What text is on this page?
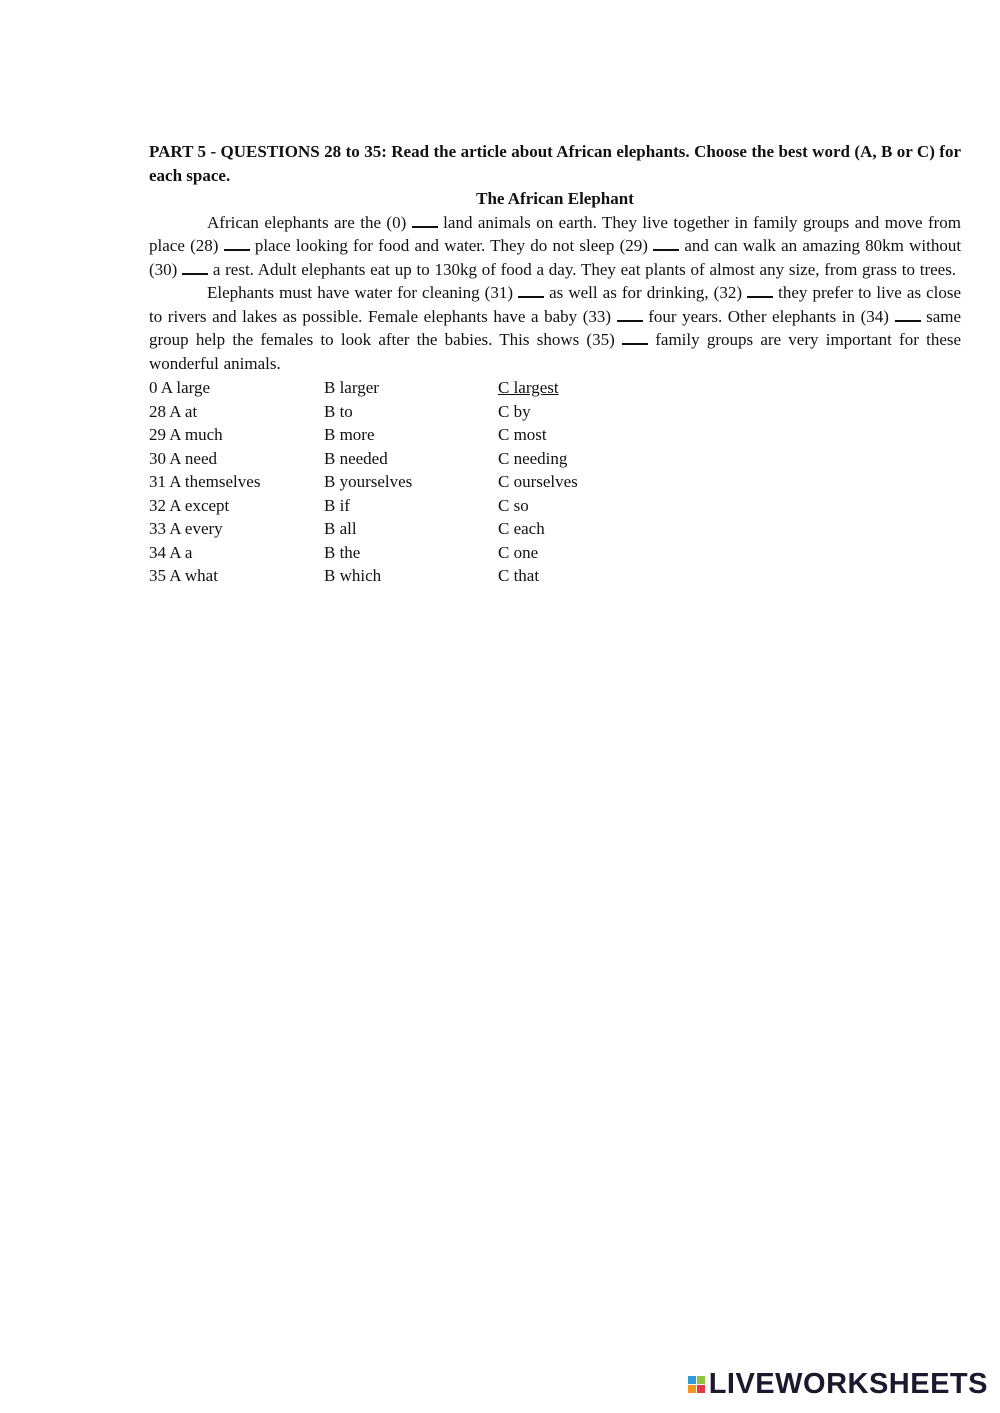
PART 5 - QUESTIONS 28 to 35: Read the article about African elephants. Choose the best word (A, B or C) for each space.

The African Elephant

African elephants are the (0) land animals on earth. They live together in family groups and move from place (28) place looking for food and water. They do not sleep (29) and can walk an amazing 80km without (30) a rest. Adult elephants eat up to 130kg of food a day. They eat plants of almost any size, from grass to trees.

Elephants must have water for cleaning (31) as well as for drinking, (32) they prefer to live as close to rivers and lakes as possible. Female elephants have a baby (33) four years. Other elephants in (34) same group help the females to look after the babies. This shows (35) family groups are very important for these wonderful animals.

0 A large	B larger	C largest
28 A at	B to	C by
29 A much	B more	C most
30 A need	B needed	C needing
31 A themselves	B yourselves	C ourselves
32 A except	B if	C so
33 A every	B all	C each
34 A a	B the	C one
35 A what	B which	C that
LIVEWORKSHEETS
